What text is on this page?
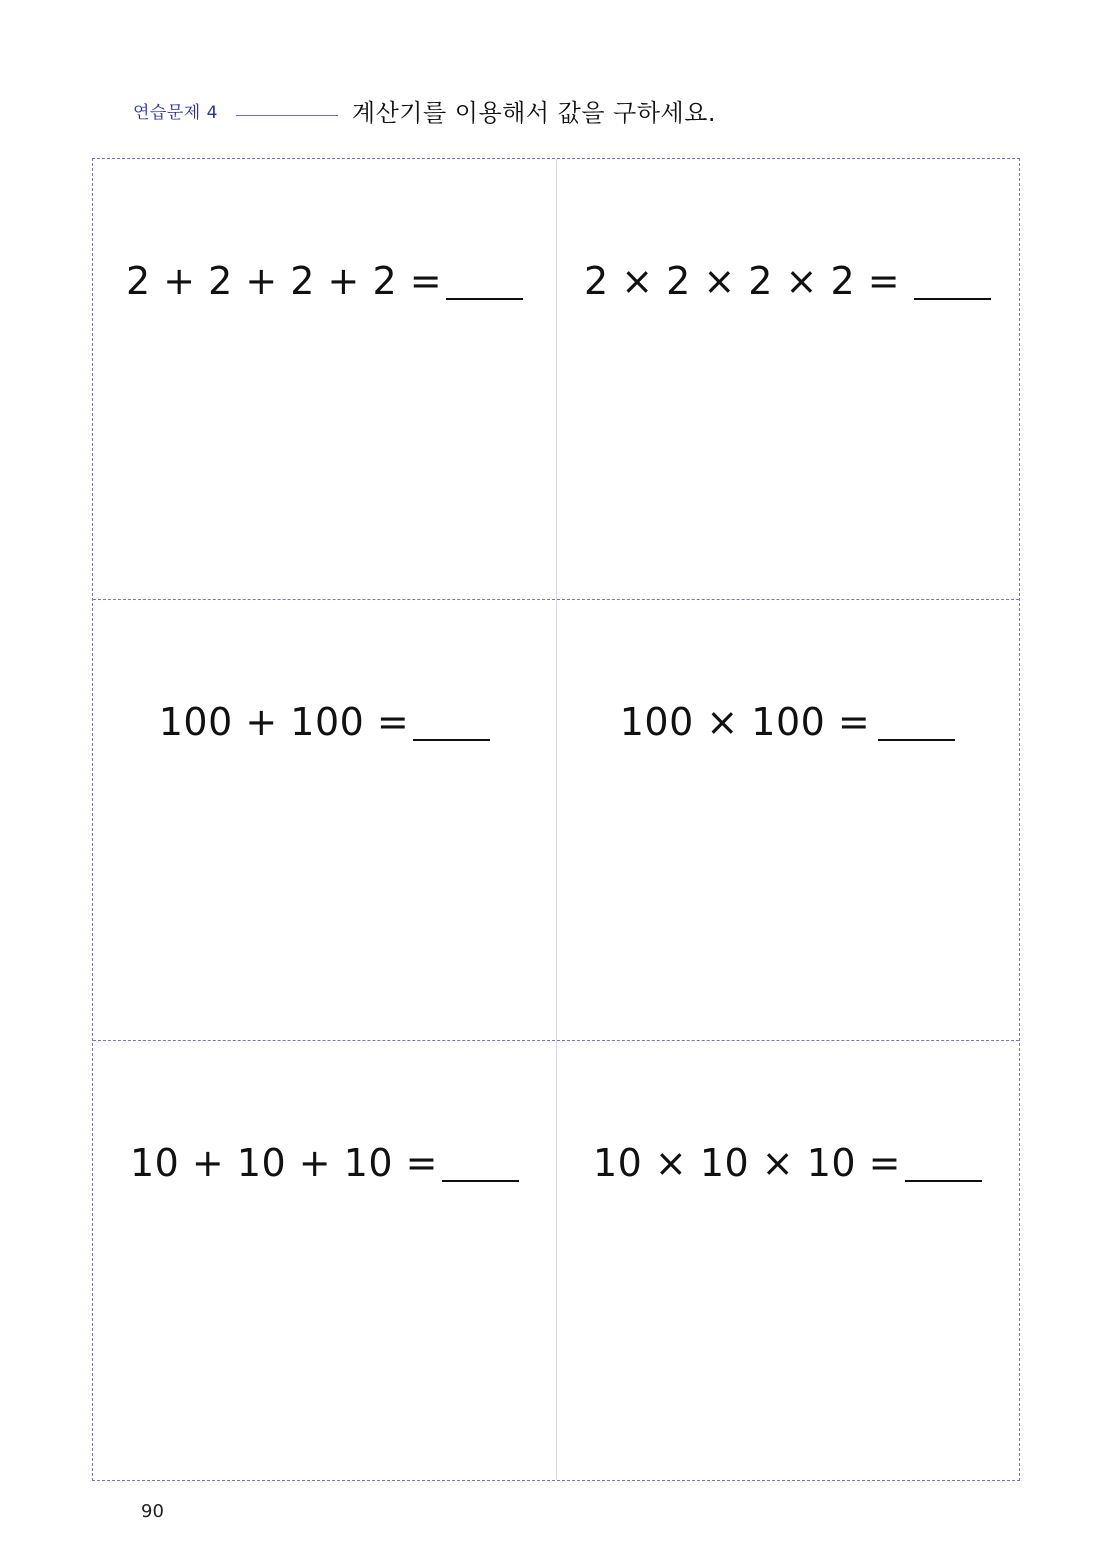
연습문제 4	계산기를 이용해서 값을 구하세요.
2 + 2 + 2 + 2 =	2 × 2 × 2 × 2 =
100 + 100 =	100 × 100 =
10 + 10 + 10 =	10 × 10 × 10 =
90
